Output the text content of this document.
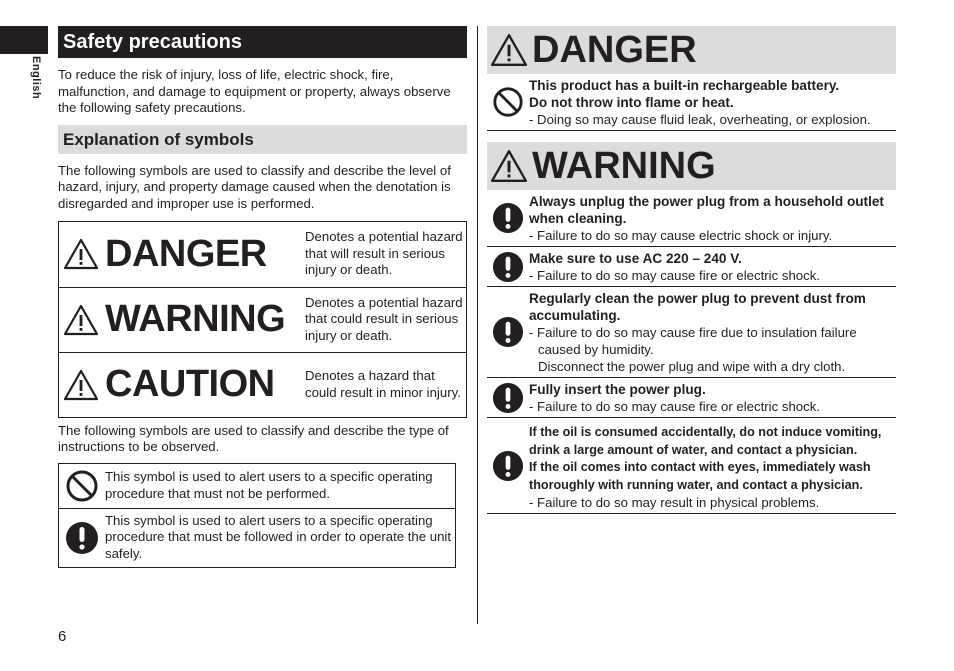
English
6
Safety precautions
To reduce the risk of injury, loss of life, electric shock, fire, malfunction, and damage to equipment or property, always observe the following safety precautions.
Explanation of symbols
The following symbols are used to classify and describe the level of hazard, injury, and property damage caused when the denotation is disregarded and improper use is performed.
DANGER	Denotes a potential hazard that will result in serious injury or death.
WARNING Denotes a potential hazard that could result in serious injury or death.
CAUTION Denotes a hazard that could result in minor injury.
The following symbols are used to classify and describe the type of instructions to be observed.
This symbol is used to alert users to a specific operating procedure that must not be performed.
This symbol is used to alert users to a specific operating procedure that must be followed in order to operate the unit safely.
DANGER
This product has a built-in rechargeable battery.
Do not throw into flame or heat.
- Doing so may cause fluid leak, overheating, or explosion.
WARNING
Always unplug the power plug from a household outlet when cleaning.
- Failure to do so may cause electric shock or injury.
Make sure to use AC 220 – 240 V.
- Failure to do so may cause fire or electric shock.
Regularly clean the power plug to prevent dust from accumulating.
- Failure to do so may cause fire due to insulation failure
caused by humidity.
Disconnect the power plug and wipe with a dry cloth.
Fully insert the power plug.
- Failure to do so may cause fire or electric shock.
If the oil is consumed accidentally, do not induce vomiting, drink a large amount of water, and contact a physician.
If the oil comes into contact with eyes, immediately wash thoroughly with running water, and contact a physician.
- Failure to do so may result in physical problems.
